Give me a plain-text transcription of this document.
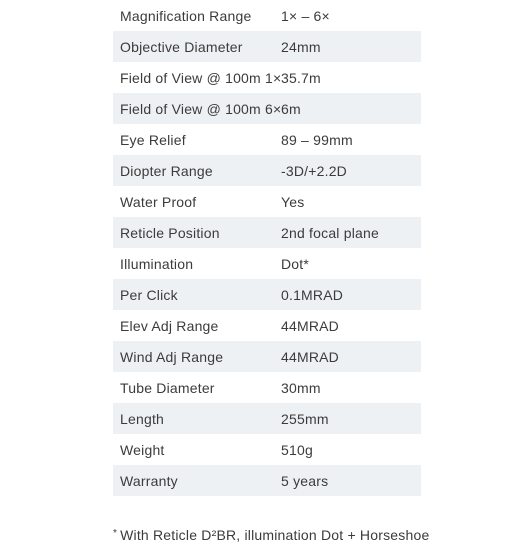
Magnification Range	1× – 6×
Objective Diameter	24mm
Field of View @ 100m 1× 35.7m
Field of View @ 100m 6× 6m
Eye Relief	89 – 99mm
Diopter Range	-3D/+2.2D
Water Proof	Yes
Reticle Position	2nd focal plane
Illumination	Dot*
Per Click	0.1MRAD
Elev Adj Range	44MRAD
Wind Adj Range	44MRAD
Tube Diameter	30mm
Length	255mm
Weight	510g
Warranty	5 years
* With Reticle D²BR, illumination Dot + Horseshoe
